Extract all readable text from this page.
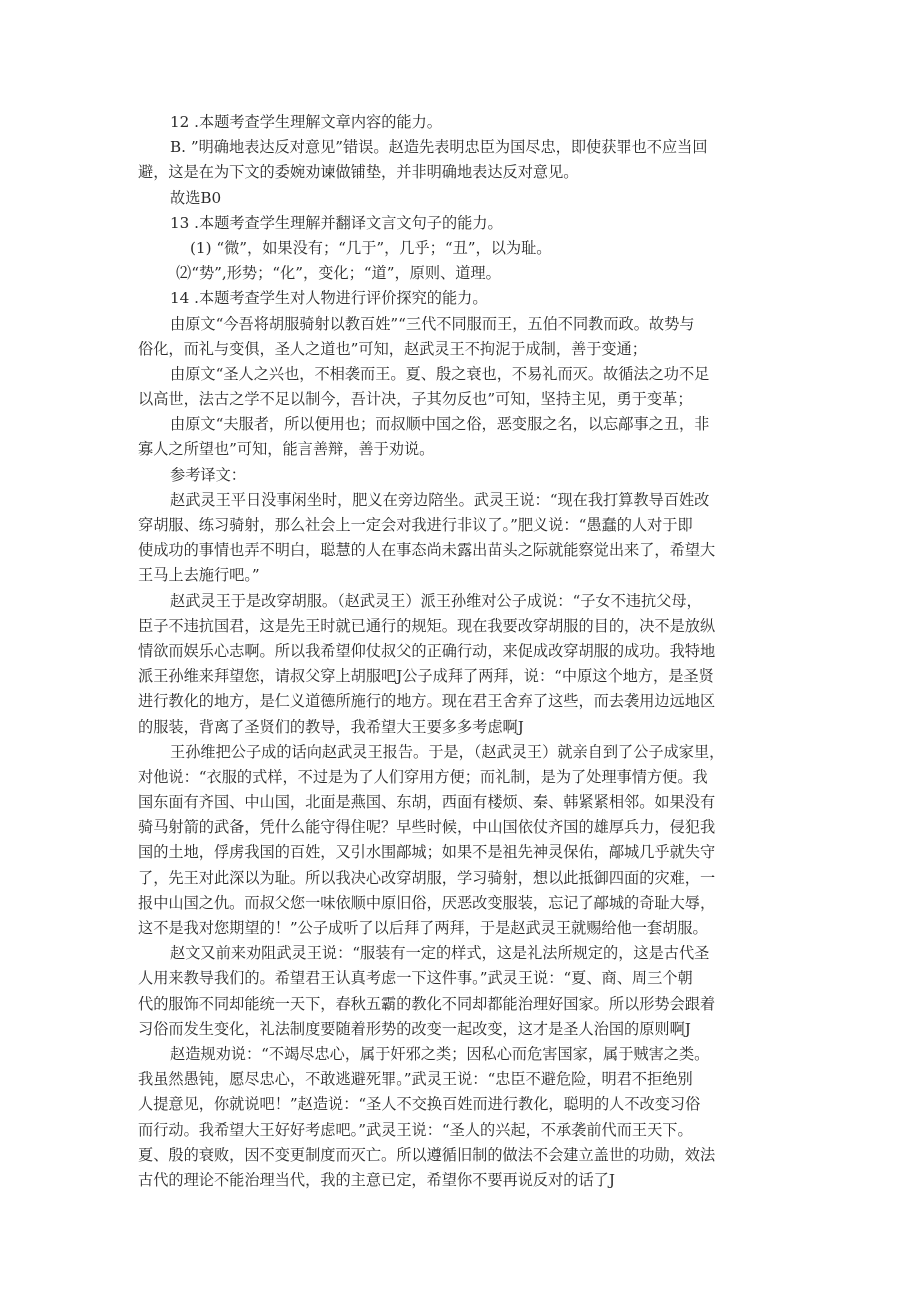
12 .本题考查学生理解文章内容的能力。
B. ”明确地表达反对意见”错误。赵造先表明忠臣为国尽忠，即使获罪也不应当回
避，这是在为下文的委婉劝谏做铺垫，并非明确地表达反对意见。
故选B0
13 .本题考查学生理解并翻译文言文句子的能力。
(1) “微”，如果没有；“几于”，几乎；“丑”，以为耻。
⑵“势”,形势；“化”，变化；“道”，原则、道理。
14 .本题考查学生对人物进行评价探究的能力。
由原文“今吾将胡服骑射以教百姓”“三代不同服而王，五伯不同教而政。故势与
俗化，而礼与变俱，圣人之道也”可知，赵武灵王不拘泥于成制，善于变通；
由原文“圣人之兴也，不相袭而王。夏、殷之衰也，不易礼而灭。故循法之功不足
以高世，法古之学不足以制今，吾计决，子其勿反也”可知，坚持主见，勇于变革；
由原文“夫服者，所以便用也；而叔顺中国之俗，恶变服之名，以忘鄗事之丑，非
寡人之所望也”可知，能言善辩，善于劝说。
参考译文：
赵武灵王平日没事闲坐时，肥义在旁边陪坐。武灵王说：“现在我打算教导百姓改
穿胡服、练习骑射，那么社会上一定会对我进行非议了。”肥义说：“愚蠢的人对于即
使成功的事情也弄不明白，聪慧的人在事态尚未露出苗头之际就能察觉出来了，希望大
王马上去施行吧。”
赵武灵王于是改穿胡服。（赵武灵王）派王孙维对公子成说：“子女不违抗父母，
臣子不违抗国君，这是先王时就已通行的规矩。现在我要改穿胡服的目的，决不是放纵
情欲而娱乐心志啊。所以我希望仰仗叔父的正确行动，来促成改穿胡服的成功。我特地
派王孙维来拜望您，请叔父穿上胡服吧J公子成拜了两拜，说：“中原这个地方，是圣贤
进行教化的地方，是仁义道德所施行的地方。现在君王舍弃了这些，而去袭用边远地区
的服装，背离了圣贤们的教导，我希望大王要多多考虑啊J
王孙维把公子成的话向赵武灵王报告。于是，（赵武灵王）就亲自到了公子成家里，
对他说：“衣服的式样，不过是为了人们穿用方便；而礼制，是为了处理事情方便。我
国东面有齐国、中山国，北面是燕国、东胡，西面有楼烦、秦、韩紧紧相邻。如果没有
骑马射箭的武备，凭什么能守得住呢？早些时候，中山国依仗齐国的雄厚兵力，侵犯我
国的土地，俘虏我国的百姓，又引水围鄗城；如果不是祖先神灵保佑，鄗城几乎就失守
了，先王对此深以为耻。所以我决心改穿胡服，学习骑射，想以此抵御四面的灾难，一
报中山国之仇。而叔父您一味依顺中原旧俗，厌恶改变服装，忘记了鄗城的奇耻大辱，
这不是我对您期望的！”公子成听了以后拜了两拜，于是赵武灵王就赐给他一套胡服。
赵文又前来劝阻武灵王说：“服装有一定的样式，这是礼法所规定的，这是古代圣
人用来教导我们的。希望君王认真考虑一下这件事。”武灵王说：“夏、商、周三个朝
代的服饰不同却能统一天下，春秋五霸的教化不同却都能治理好国家。所以形势会跟着
习俗而发生变化，礼法制度要随着形势的改变一起改变，这才是圣人治国的原则啊J
赵造规劝说：“不竭尽忠心，属于奸邪之类；因私心而危害国家，属于贼害之类。
我虽然愚钝，愿尽忠心，不敢逃避死罪。”武灵王说：“忠臣不避危险，明君不拒绝别
人提意见，你就说吧！”赵造说：“圣人不交换百姓而进行教化，聪明的人不改变习俗
而行动。我希望大王好好考虑吧。”武灵王说：“圣人的兴起，不承袭前代而王天下。
夏、殷的衰败，因不变更制度而灭亡。所以遵循旧制的做法不会建立盖世的功勋，效法
古代的理论不能治理当代，我的主意已定，希望你不要再说反对的话了J
